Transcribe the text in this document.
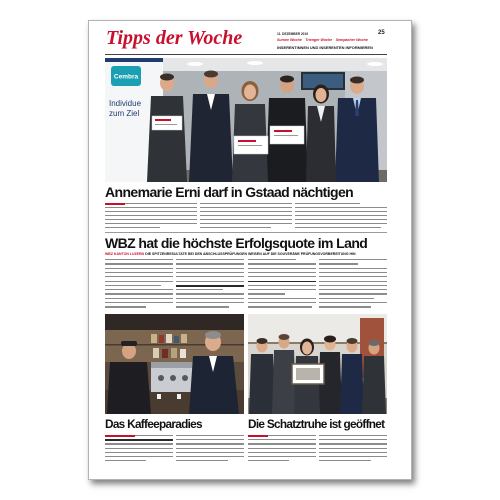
Tipps der Woche	11. DEZEMBER 2019	25
Sursee Woche Trienger Woche Sempacher Woche
INSERENTINNEN UND INSERENTEN INFORMIEREN
Cembra
Individue
zum Ziel
Annemarie Erni darf in Gstaad nächtigen
WBZ hat die höchste Erfolgsquote im Land
WBZ KANTON LUZERNDIE SPITZENRESULTATE BEI DEN ABSCHLUSSPRÜFUNGEN WEISEN AUF DIE SOUVERÄNE PRÜFUNGSVORBEREITUNG HIN
Das Kaffeeparadies	Die Schatztruhe ist geöffnet
